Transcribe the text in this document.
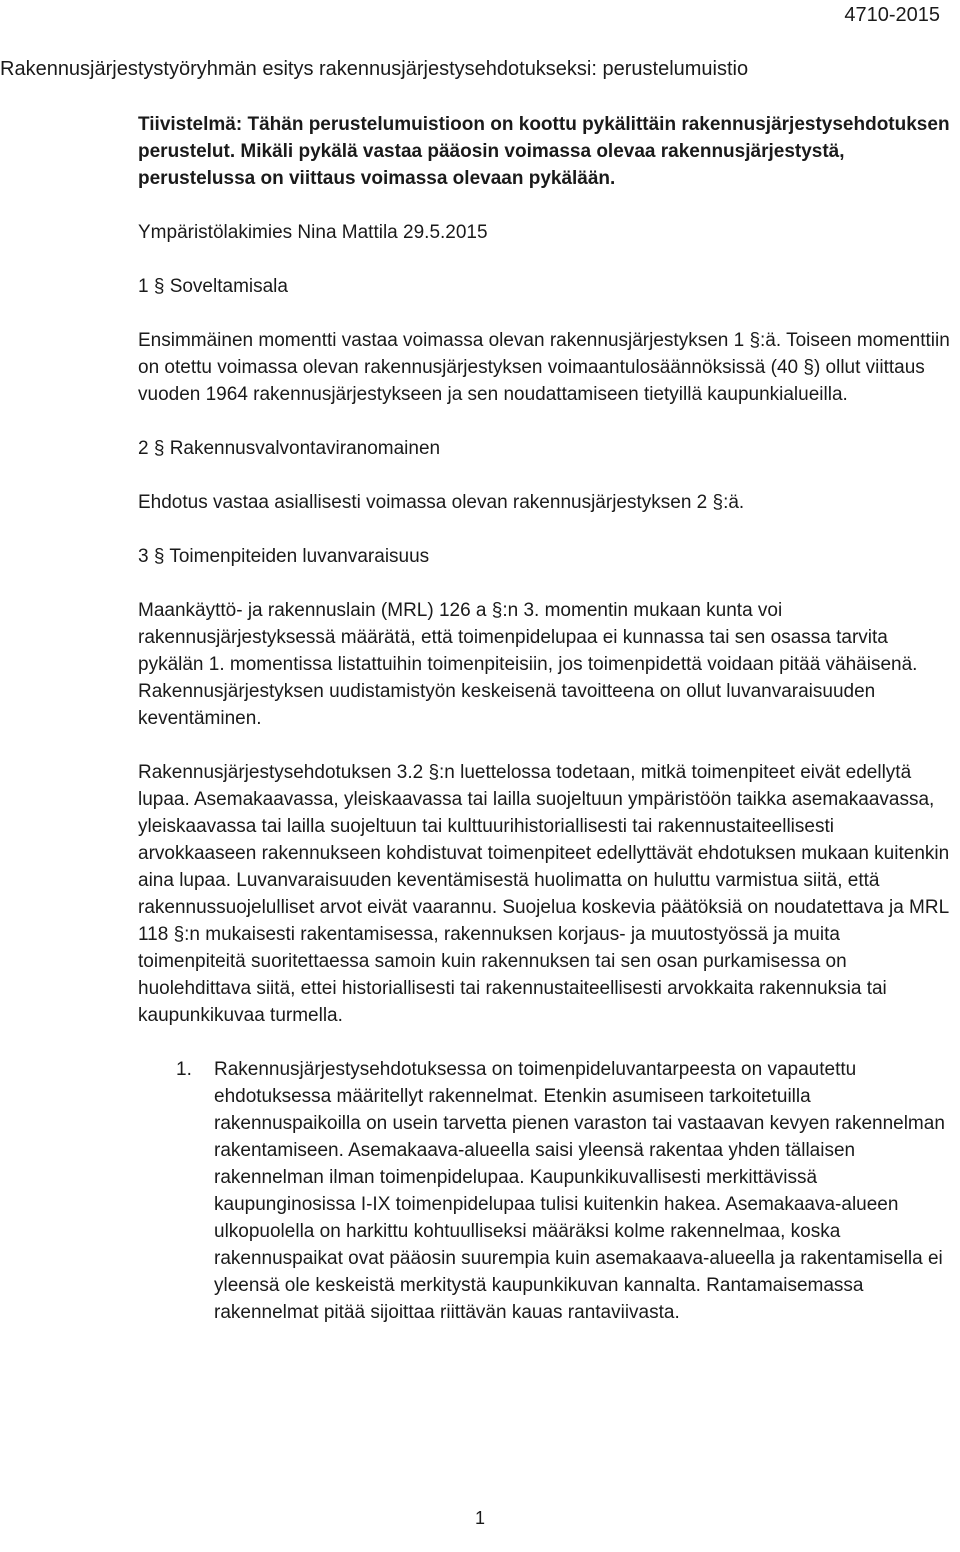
4710-2015
Rakennusjärjestystyöryhmän esitys rakennusjärjestysehdotukseksi: perustelumuistio

Tiivistelmä: Tähän perustelumuistioon on koottu pykälittäin rakennusjärjestysehdotuksen perustelut. Mikäli pykälä vastaa pääosin voimassa olevaa rakennusjärjestystä, perustelussa on viittaus voimassa olevaan pykälään.

Ympäristölakimies Nina Mattila 29.5.2015

1 § Soveltamisala

Ensimmäinen momentti vastaa voimassa olevan rakennusjärjestyksen 1 §:ä. Toiseen momenttiin on otettu voimassa olevan rakennusjärjestyksen voimaantulosäännöksissä (40 §) ollut viittaus vuoden 1964 rakennusjärjestykseen ja sen noudattamiseen tietyillä kaupunkialueilla.

2 § Rakennusvalvontaviranomainen

Ehdotus vastaa asiallisesti voimassa olevan rakennusjärjestyksen 2 §:ä.

3 § Toimenpiteiden luvanvaraisuus

Maankäyttö- ja rakennuslain (MRL) 126 a §:n 3. momentin mukaan kunta voi rakennusjärjestyksessä määrätä, että toimenpidelupaa ei kunnassa tai sen osassa tarvita pykälän 1. momentissa listattuihin toimenpiteisiin, jos toimenpidettä voidaan pitää vähäisenä. Rakennusjärjestyksen uudistamistyön keskeisenä tavoitteena on ollut luvanvaraisuuden keventäminen.

Rakennusjärjestysehdotuksen 3.2 §:n luettelossa todetaan, mitkä toimenpiteet eivät edellytä lupaa. Asemakaavassa, yleiskaavassa tai lailla suojeltuun ympäristöön taikka asemakaavassa, yleiskaavassa tai lailla suojeltuun tai kulttuurihistoriallisesti tai rakennustaiteellisesti arvokkaaseen rakennukseen kohdistuvat toimenpiteet edellyttävät ehdotuksen mukaan kuitenkin aina lupaa. Luvanvaraisuuden keventämisestä huolimatta on huluttu varmistua siitä, että rakennussuojelulliset arvot eivät vaarannu. Suojelua koskevia päätöksiä on noudatettava ja MRL 118 §:n mukaisesti rakentamisessa, rakennuksen korjaus- ja muutostyössä ja muita toimenpiteitä suoritettaessa samoin kuin rakennuksen tai sen osan purkamisessa on huolehdittava siitä, ettei historiallisesti tai rakennustaiteellisesti arvokkaita rakennuksia tai kaupunkikuvaa turmella.

1.	Rakennusjärjestysehdotuksessa on toimenpideluvantarpeesta on vapautettu ehdotuksessa määritellyt rakennelmat. Etenkin asumiseen tarkoitetuilla rakennuspaikoilla on usein tarvetta pienen varaston tai vastaavan kevyen rakennelman rakentamiseen. Asemakaava-alueella saisi yleensä rakentaa yhden tällaisen rakennelman ilman toimenpidelupaa. Kaupunkikuvallisesti merkittävissä kaupunginosissa I-IX toimenpidelupaa tulisi kuitenkin hakea. Asemakaava-alueen ulkopuolella on harkittu kohtuulliseksi määräksi kolme rakennelmaa, koska rakennuspaikat ovat pääosin suurempia kuin asemakaava-alueella ja rakentamisella ei yleensä ole keskeistä merkitystä kaupunkikuvan kannalta. Rantamaisemassa rakennelmat pitää sijoittaa riittävän kauas rantaviivasta.
1
